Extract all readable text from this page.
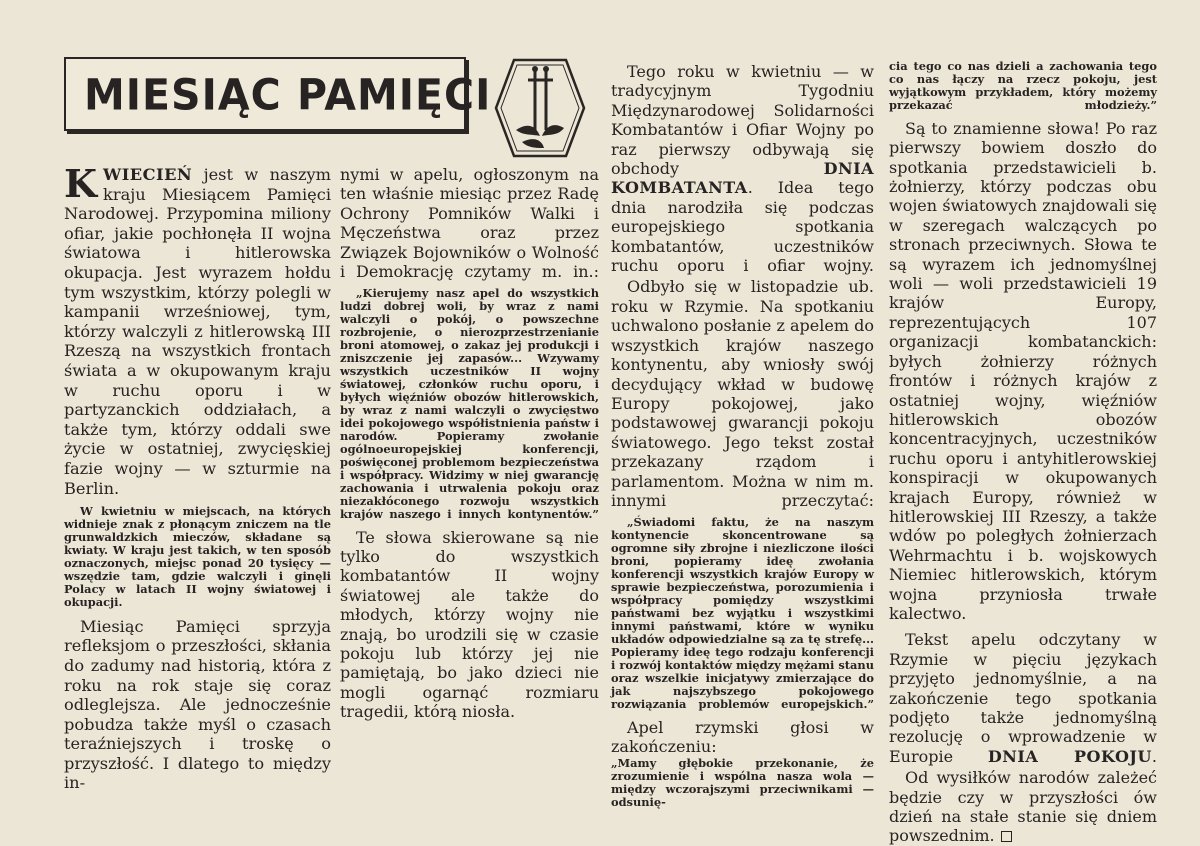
MIESIĄC PAMIĘCI

KWIECIEŃ jest w naszym kraju Miesiącem Pamięci Narodowej. Przypomina miliony ofiar, jakie pochłonęła II wojna światowa i hitlerowska okupacja. Jest wyrazem hołdu tym wszystkim, którzy polegli w kampanii wrześniowej, tym, którzy walczyli z hitlerowską III Rzeszą na wszystkich frontach świata a w okupowanym kraju w ruchu oporu i w partyzanckich oddziałach, a także tym, którzy oddali swe życie w ostatniej, zwycięskiej fazie wojny — w szturmie na Berlin.

W kwietniu w miejscach, na których widnieje znak z płonącym zniczem na tle grunwaldzkich mieczów, składane są kwiaty. W kraju jest takich, w ten sposób oznaczonych, miejsc ponad 20 tysięcy — wszędzie tam, gdzie walczyli i ginęli Polacy w latach II wojny światowej i okupacji.

Miesiąc Pamięci sprzyja refleksjom o przeszłości, skłania do zadumy nad historią, która z roku na rok staje się coraz odleglejsza. Ale jednocześnie pobudza także myśl o czasach teraźniejszych i troskę o przyszłość. I dlatego to między in-

nymi w apelu, ogłoszonym na ten właśnie miesiąc przez Radę Ochrony Pomników Walki i Męczeństwa oraz przez Związek Bojowników o Wolność i Demokrację czytamy m. in.:

„Kierujemy nasz apel do wszystkich ludzi dobrej woli, by wraz z nami walczyli o pokój, o powszechne rozbrojenie, o nierozprzestrzenianie broni atomowej, o zakaz jej produkcji i zniszczenie jej zapasów... Wzywamy wszystkich uczestników II wojny światowej, członków ruchu oporu, i byłych więźniów obozów hitlerowskich, by wraz z nami walczyli o zwycięstwo idei pokojowego współistnienia państw i narodów. Popieramy zwołanie ogólnoeuropejskiej konferencji, poświęconej problemom bezpieczeństwa i współpracy. Widzimy w niej gwarancję zachowania i utrwalenia pokoju oraz niezakłóconego rozwoju wszystkich krajów naszego i innych kontynentów.”

Te słowa skierowane są nie tylko do wszystkich kombatantów II wojny światowej ale także do młodych, którzy wojny nie znają, bo urodzili się w czasie pokoju lub którzy jej nie pamiętają, bo jako dzieci nie mogli ogarnąć rozmiaru tragedii, którą niosła.

Tego roku w kwietniu — w tradycyjnym Tygodniu Międzynarodowej Solidarności Kombatantów i Ofiar Wojny po raz pierwszy odbywają się obchody DNIA KOMBATANTA. Idea tego dnia narodziła się podczas europejskiego spotkania kombatantów, uczestników ruchu oporu i ofiar wojny.

Odbyło się w listopadzie ub. roku w Rzymie. Na spotkaniu uchwalono posłanie z apelem do wszystkich krajów naszego kontynentu, aby wniosły swój decydujący wkład w budowę Europy pokojowej, jako podstawowej gwarancji pokoju światowego. Jego tekst został przekazany rządom i parlamentom. Można w nim m. innymi przeczytać:

„Świadomi faktu, że na naszym kontynencie skoncentrowane są ogromne siły zbrojne i niezliczone ilości broni, popieramy ideę zwołania konferencji wszystkich krajów Europy w sprawie bezpieczeństwa, porozumienia i współpracy pomiędzy wszystkimi państwami bez wyjątku i wszystkimi innymi państwami, które w wyniku układów odpowiedzialne są za tę strefę... Popieramy ideę tego rodzaju konferencji i rozwój kontaktów między mężami stanu oraz wszelkie inicjatywy zmierzające do jak najszybszego pokojowego rozwiązania problemów europejskich.”

Apel rzymski głosi w zakończeniu:

„Mamy głębokie przekonanie, że zrozumienie i wspólna nasza wola — między wczorajszymi przeciwnikami — odsunię-

cia tego co nas dzieli a zachowania tego co nas łączy na rzecz pokoju, jest wyjątkowym przykładem, który możemy przekazać młodzieży.”

Są to znamienne słowa! Po raz pierwszy bowiem doszło do spotkania przedstawicieli b. żołnierzy, którzy podczas obu wojen światowych znajdowali się w szeregach walczących po stronach przeciwnych. Słowa te są wyrazem ich jednomyślnej woli — woli przedstawicieli 19 krajów Europy, reprezentujących 107 organizacji kombatanckich: byłych żołnierzy różnych frontów i różnych krajów z ostatniej wojny, więźniów hitlerowskich obozów koncentracyjnych, uczestników ruchu oporu i antyhitlerowskiej konspiracji w okupowanych krajach Europy, również w hitlerowskiej III Rzeszy, a także wdów po poległych żołnierzach Wehrmachtu i b. wojskowych Niemiec hitlerowskich, którym wojna przyniosła trwałe kalectwo.

Tekst apelu odczytany w Rzymie w pięciu językach przyjęto jednomyślnie, a na zakończenie tego spotkania podjęto także jednomyślną rezolucję o wprowadzenie w Europie DNIA POKOJU.

Od wysiłków narodów zależeć będzie czy w przyszłości ów dzień na stałe stanie się dniem powszednim.
